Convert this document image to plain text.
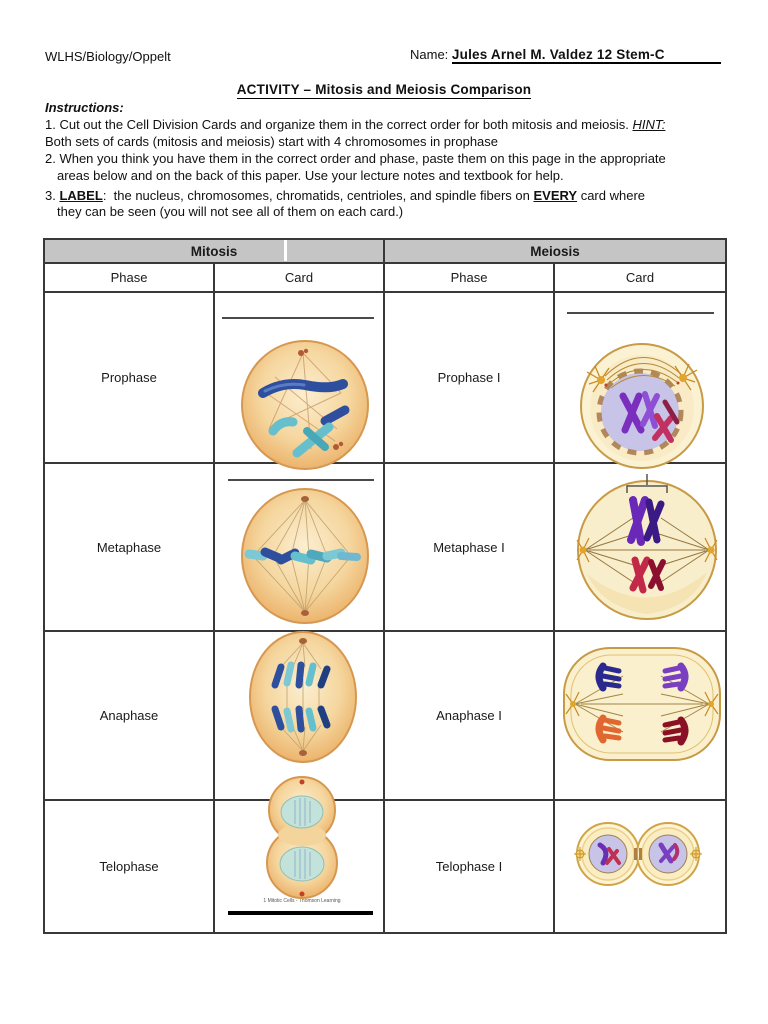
WLHS/Biology/Oppelt	Name: Jules Arnel M. Valdez 12 Stem-C
ACTIVITY – Mitosis and Meiosis Comparison
Instructions:
1. Cut out the Cell Division Cards and organize them in the correct order for both mitosis and meiosis. HINT:
Both sets of cards (mitosis and meiosis) start with 4 chromosomes in prophase
2. When you think you have them in the correct order and phase, paste them on this page in the appropriate
areas below and on the back of this paper. Use your lecture notes and textbook for help.
3. LABEL:  the nucleus, chromosomes, chromatids, centrioles, and spindle fibers on EVERY card where
they can be seen (you will not see all of them on each card.)
Mitosis	Meiosis
Phase	Card	Phase	Card
Prophase	Prophase I
Metaphase	Metaphase I
Anaphase	Anaphase I
Telophase	Telophase I
1 Mitotic Cells - Thomson Learning
